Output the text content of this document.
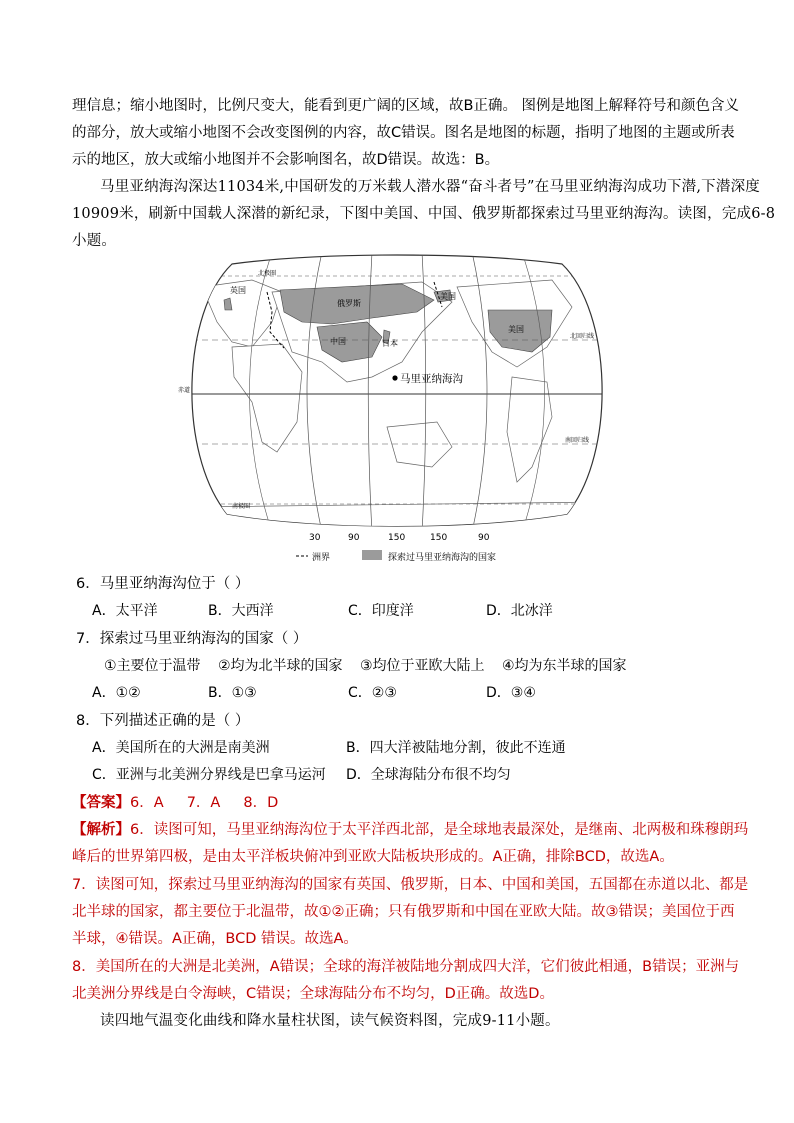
理信息；缩小地图时，比例尺变大，能看到更广阔的区域，故B正确。 图例是地图上解释符号和颜色含义
的部分，放大或缩小地图不会改变图例的内容，故C错误。图名是地图的标题，指明了地图的主题或所表
示的地区，放大或缩小地图并不会影响图名，故D错误。故选：B。
马里亚纳海沟深达11034米,中国研发的万米载人潜水器“奋斗者号”在马里亚纳海沟成功下潜,下潜深度
10909米，刷新中国载人深潜的新纪录，下图中美国、中国、俄罗斯都探索过马里亚纳海沟。读图，完成6-8
小题。
英国
俄罗斯
美国
美国
中国	日本
马里亚纳海沟
北极圈
北回归线
赤道
南回归线
南极圈
30	90	150	150	90
洲界	探索过马里亚纳海沟的国家
6．马里亚纳海沟位于（ ）
A．太平洋	B．大西洋	C．印度洋	D．北冰洋
7．探索过马里亚纳海沟的国家（ ）
①主要位于温带 ②均为北半球的国家 ③均位于亚欧大陆上 ④均为东半球的国家
A．①②	B．①③	C．②③	D．③④
8．下列描述正确的是（ ）
A．美国所在的大洲是南美洲	B．四大洋被陆地分割，彼此不连通
C．亚洲与北美洲分界线是巴拿马运河 D．全球海陆分布很不均匀
【答案】6．A     7．A     8．D
【解析】6．读图可知，马里亚纳海沟位于太平洋西北部，是全球地表最深处，是继南、北两极和珠穆朗玛
峰后的世界第四极，是由太平洋板块俯冲到亚欧大陆板块形成的。A正确，排除BCD，故选A。
7．读图可知，探索过马里亚纳海沟的国家有英国、俄罗斯，日本、中国和美国，五国都在赤道以北、都是
北半球的国家，都主要位于北温带，故①②正确；只有俄罗斯和中国在亚欧大陆。故③错误；美国位于西
半球，④错误。A正确，BCD 错误。故选A。
8．美国所在的大洲是北美洲，A错误；全球的海洋被陆地分割成四大洋，它们彼此相通，B错误；亚洲与
北美洲分界线是白令海峡，C错误；全球海陆分布不均匀，D正确。故选D。
读四地气温变化曲线和降水量柱状图，读气候资料图，完成9-11小题。
